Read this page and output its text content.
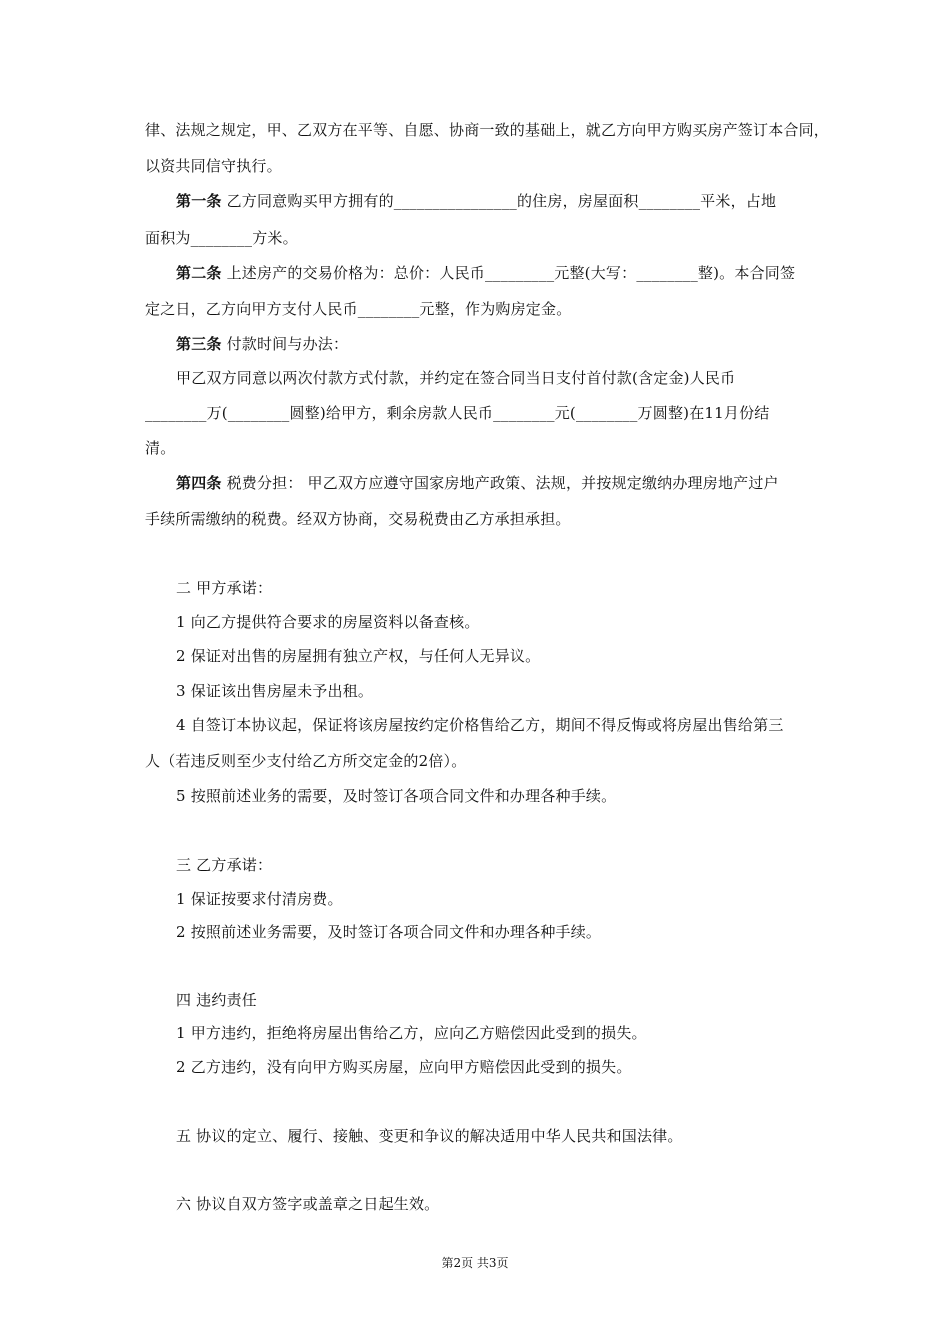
律、法规之规定，甲、乙双方在平等、自愿、协商一致的基础上，就乙方向甲方购买房产签订本合同，

以资共同信守执行。

第一条 乙方同意购买甲方拥有的________________的住房，房屋面积________平米，占地

面积为________方米。

第二条 上述房产的交易价格为：总价：人民币_________元整(大写：________整)。本合同签

定之日，乙方向甲方支付人民币________元整，作为购房定金。

第三条 付款时间与办法：

甲乙双方同意以两次付款方式付款，并约定在签合同当日支付首付款(含定金)人民币

________万(________圆整)给甲方，剩余房款人民币________元(________万圆整)在11月份结

清。

第四条 税费分担： 甲乙双方应遵守国家房地产政策、法规，并按规定缴纳办理房地产过户

手续所需缴纳的税费。经双方协商，交易税费由乙方承担承担。

二 甲方承诺：

1 向乙方提供符合要求的房屋资料以备查核。

2 保证对出售的房屋拥有独立产权，与任何人无异议。

3 保证该出售房屋未予出租。

4 自签订本协议起，保证将该房屋按约定价格售给乙方，期间不得反悔或将房屋出售给第三

人（若违反则至少支付给乙方所交定金的2倍）。

5 按照前述业务的需要，及时签订各项合同文件和办理各种手续。

三 乙方承诺：

1 保证按要求付清房费。

2 按照前述业务需要，及时签订各项合同文件和办理各种手续。

四 违约责任

1 甲方违约，拒绝将房屋出售给乙方，应向乙方赔偿因此受到的损失。

2 乙方违约，没有向甲方购买房屋，应向甲方赔偿因此受到的损失。

五 协议的定立、履行、接触、变更和争议的解决适用中华人民共和国法律。

六 协议自双方签字或盖章之日起生效。

第2页 共3页
